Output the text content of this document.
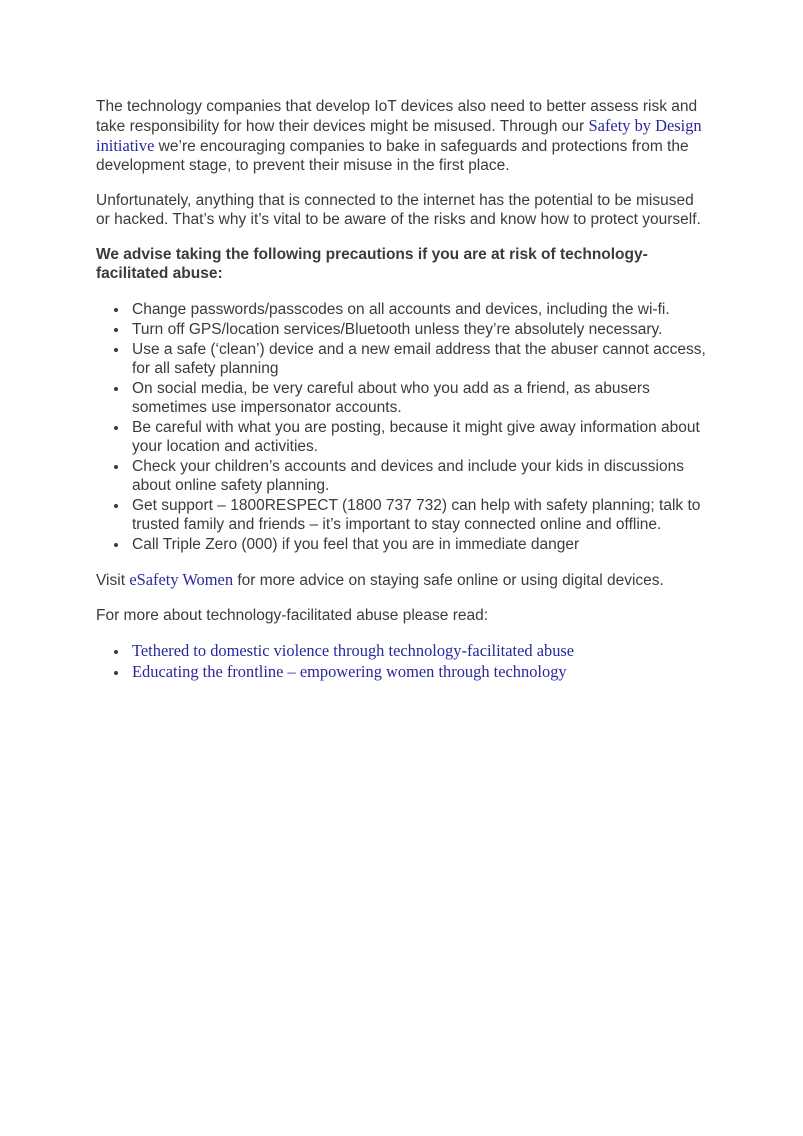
The technology companies that develop IoT devices also need to better assess risk and take responsibility for how their devices might be misused. Through our Safety by Design initiative we’re encouraging companies to bake in safeguards and protections from the development stage, to prevent their misuse in the first place.

Unfortunately, anything that is connected to the internet has the potential to be misused or hacked. That’s why it’s vital to be aware of the risks and know how to protect yourself.

We advise taking the following precautions if you are at risk of technology-facilitated abuse:

• Change passwords/passcodes on all accounts and devices, including the wi-fi.
• Turn off GPS/location services/Bluetooth unless they’re absolutely necessary.
• Use a safe (‘clean’) device and a new email address that the abuser cannot access, for all safety planning
• On social media, be very careful about who you add as a friend, as abusers sometimes use impersonator accounts.
• Be careful with what you are posting, because it might give away information about your location and activities.
• Check your children’s accounts and devices and include your kids in discussions about online safety planning.
• Get support – 1800RESPECT (1800 737 732) can help with safety planning; talk to trusted family and friends – it’s important to stay connected online and offline.
• Call Triple Zero (000) if you feel that you are in immediate danger

Visit eSafety Women for more advice on staying safe online or using digital devices.

For more about technology-facilitated abuse please read:

• Tethered to domestic violence through technology-facilitated abuse
• Educating the frontline – empowering women through technology
